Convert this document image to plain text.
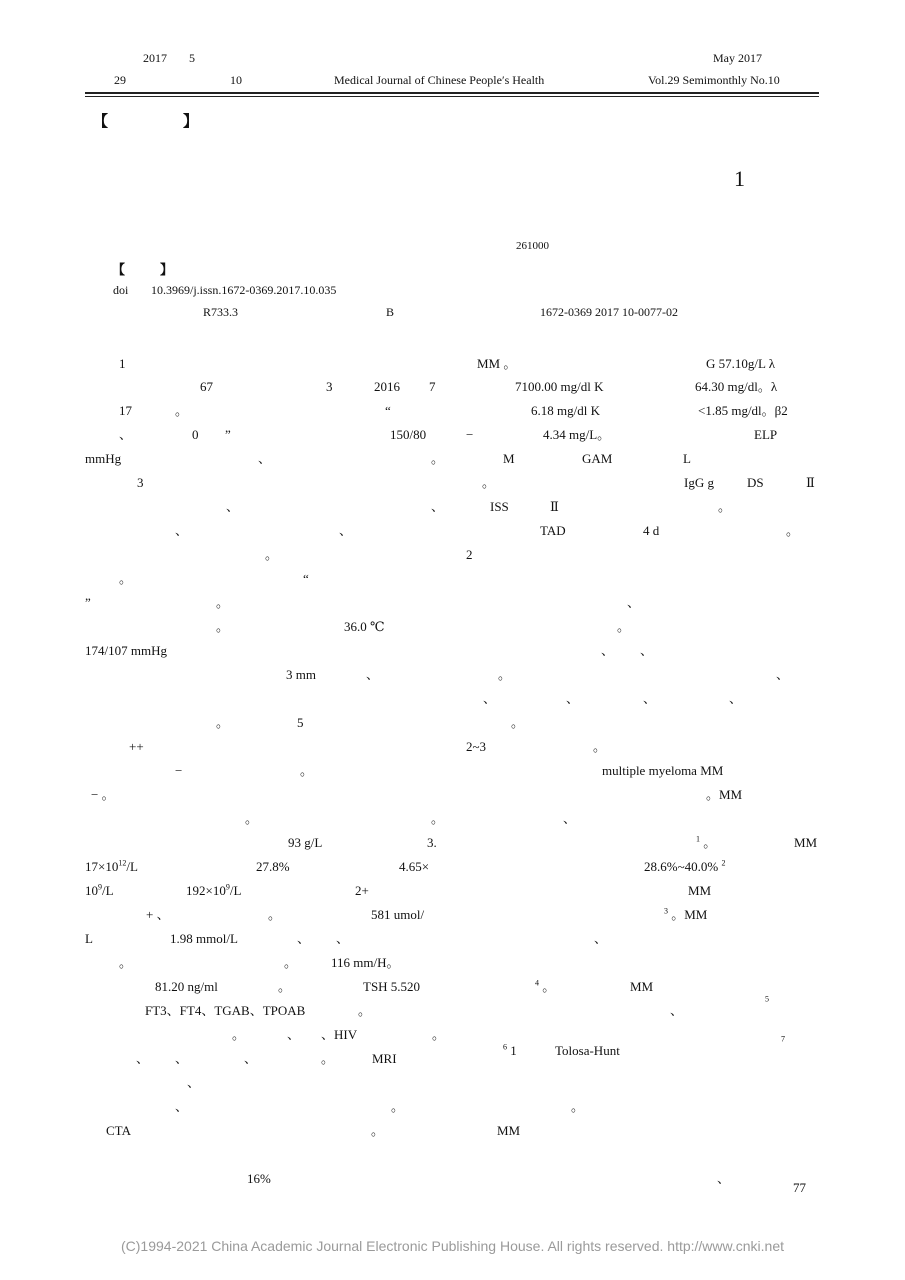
2017 5
29	10	Medical Journal of Chinese People′s Health
May 2017
Vol.29 Semimonthly No.10
【	】
1
261000
【	】
doi 10.3969/j.issn.1672-0369.2017.10.035
R733.3	B	1672-0369 2017 10-0077-02
1
67	3	2016 7
17	。	“
、	0 ”	150/80
mmHg	、	。
3
、	、
、	、
。
。	“
”	。
。	36.0 ℃
174/107 mmHg
3 mm	、
。	5
++
−	。
− 。
。	。
93 g/L	3.
$17\times 10^{12}/L$	27.8%	4.65×
$10^9/L$	$192\times 10^9/L$	2+
+ 、	。	581 umol/
L	1.98 mmol/L	、 、
。	。	116 mm/H。
81.20 ng/ml	。	TSH 5.520
FT3、FT4、TGAB、TPOAB	。
。	、 、HIV	。
、 、	、	。	MRI
、
、	。
CTA	。
16%
MM 。	G 57.10g/L λ
7100.00 mg/dl K	64.30 mg/dl。λ
6.18 mg/dl K	<1.85 mg/dl。β2
−	4.34 mg/L。	ELP
M	GAM	L
。	IgG g	DS	Ⅱ
ISS	Ⅱ	。
TAD	4 d	。
2
、
。
、 、
。	、
、	、	、	、
。
2~3	。
multiple myeloma MM
。MM
、
$^1$ 。	MM
28.6%~40.0% $^2$
MM
$^3$ 。MM
、
$^4$ 。	MM
、
$^5$
$^6$ 1	Tolosa-Hunt
$^7$
。
MM
、
77
(C)1994-2021 China Academic Journal Electronic Publishing House. All rights reserved. http://www.cnki.net
